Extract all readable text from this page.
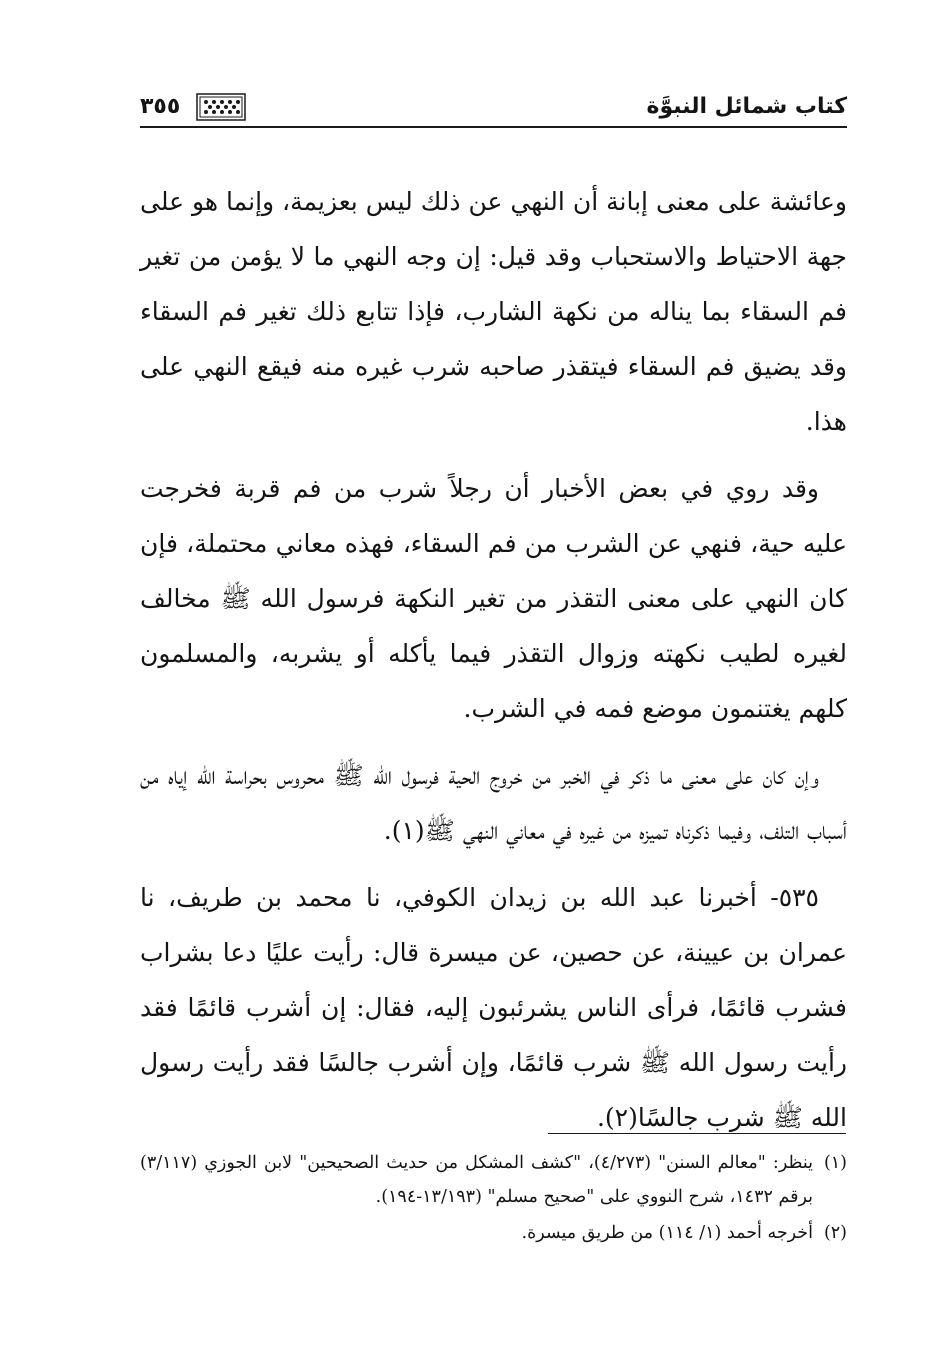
كتاب شمائل النبوَّة
٣٥٥

وعائشة على معنى إبانة أن النهي عن ذلك ليس بعزيمة، وإنما هو على جهة الاحتياط والاستحباب وقد قيل: إن وجه النهي ما لا يؤمن من تغير فم السقاء بما يناله من نكهة الشارب، فإذا تتابع ذلك تغير فم السقاء وقد يضيق فم السقاء فيتقذر صاحبه شرب غيره منه فيقع النهي على هذا.

وقد روي في بعض الأخبار أن رجلاً شرب من فم قربة فخرجت عليه حية، فنهي عن الشرب من فم السقاء، فهذه معاني محتملة، فإن كان النهي على معنى التقذر من تغير النكهة فرسول الله ﷺ مخالف لغيره لطيب نكهته وزوال التقذر فيما يأكله أو يشربه، والمسلمون كلهم يغتنمون موضع فمه في الشرب.

وإن كان على معنى ما ذكر في الخبر من خروج الحية فرسول الله ﷺ محروس بحراسة الله إياه من أسباب التلف، وفيما ذكرناه تميزه من غيره في معاني النهي ﷺ(١).

٥٣٥- أخبرنا عبد الله بن زيدان الكوفي، نا محمد بن طريف، نا عمران بن عيينة، عن حصين، عن ميسرة قال: رأيت عليًا دعا بشراب فشرب قائمًا، فرأى الناس يشرئبون إليه، فقال: إن أشرب قائمًا فقد رأيت رسول الله ﷺ شرب قائمًا، وإن أشرب جالسًا فقد رأيت رسول الله ﷺ شرب جالسًا(٢).

(١)
ينظر: "معالم السنن" (٤/٢٧٣)، "كشف المشكل من حديث الصحيحين" لابن الجوزي (٣/١١٧) برقم ١٤٣٢، شرح النووي على "صحيح مسلم" (١٣/١٩٣-١٩٤).

(٢)
أخرجه أحمد (١/ ١١٤) من طريق ميسرة.
